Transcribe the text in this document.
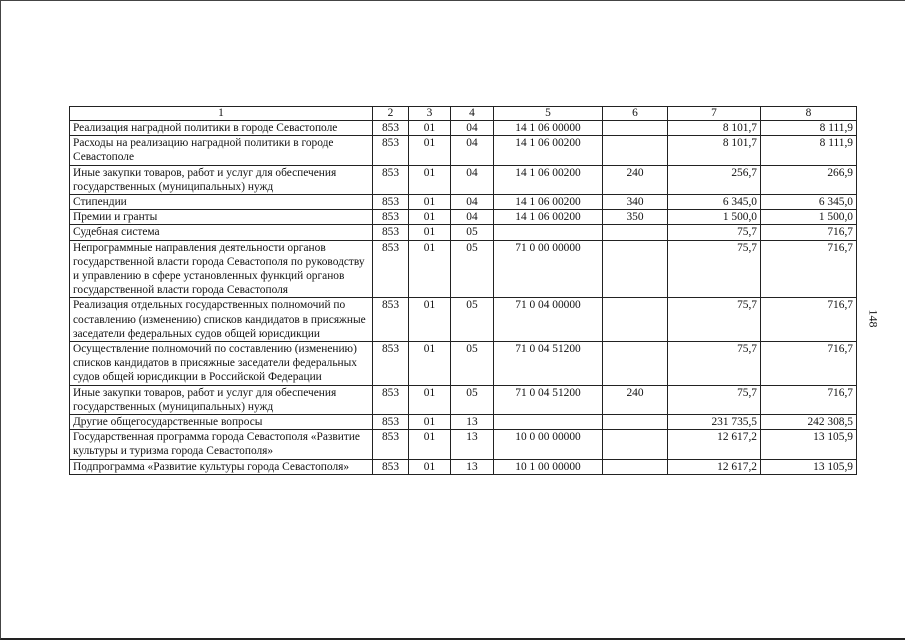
1	2	3	4	5	6	7	8
Реализация наградной политики в городе Севастополе	853	01	04	14 1 06 00000		8 101,7	8 111,9
Расходы на реализацию наградной политики в городе Севастополе	853	01	04	14 1 06 00200		8 101,7	8 111,9
Иные закупки товаров, работ и услуг для обеспечения государственных (муниципальных) нужд	853	01	04	14 1 06 00200	240	256,7	266,9
Стипендии	853	01	04	14 1 06 00200	340	6 345,0	6 345,0
Премии и гранты	853	01	04	14 1 06 00200	350	1 500,0	1 500,0
Судебная система	853	01	05			75,7	716,7
Непрограммные направления деятельности органов государственной власти города Севастополя по руководству и управлению в сфере установленных функций органов государственной власти города Севастополя	853	01	05	71 0 00 00000		75,7	716,7
Реализация отдельных государственных полномочий по составлению (изменению) списков кандидатов в присяжные заседатели федеральных судов общей юрисдикции	853	01	05	71 0 04 00000		75,7	716,7
Осуществление полномочий по составлению (изменению) списков кандидатов в присяжные заседатели федеральных судов общей юрисдикции в Российской Федерации	853	01	05	71 0 04 51200		75,7	716,7
Иные закупки товаров, работ и услуг для обеспечения государственных (муниципальных) нужд	853	01	05	71 0 04 51200	240	75,7	716,7
Другие общегосударственные вопросы	853	01	13			231 735,5	242 308,5
Государственная программа города Севастополя «Развитие культуры и туризма города Севастополя»	853	01	13	10 0 00 00000		12 617,2	13 105,9
Подпрограмма «Развитие культуры города Севастополя»	853	01	13	10 1 00 00000		12 617,2	13 105,9
148
